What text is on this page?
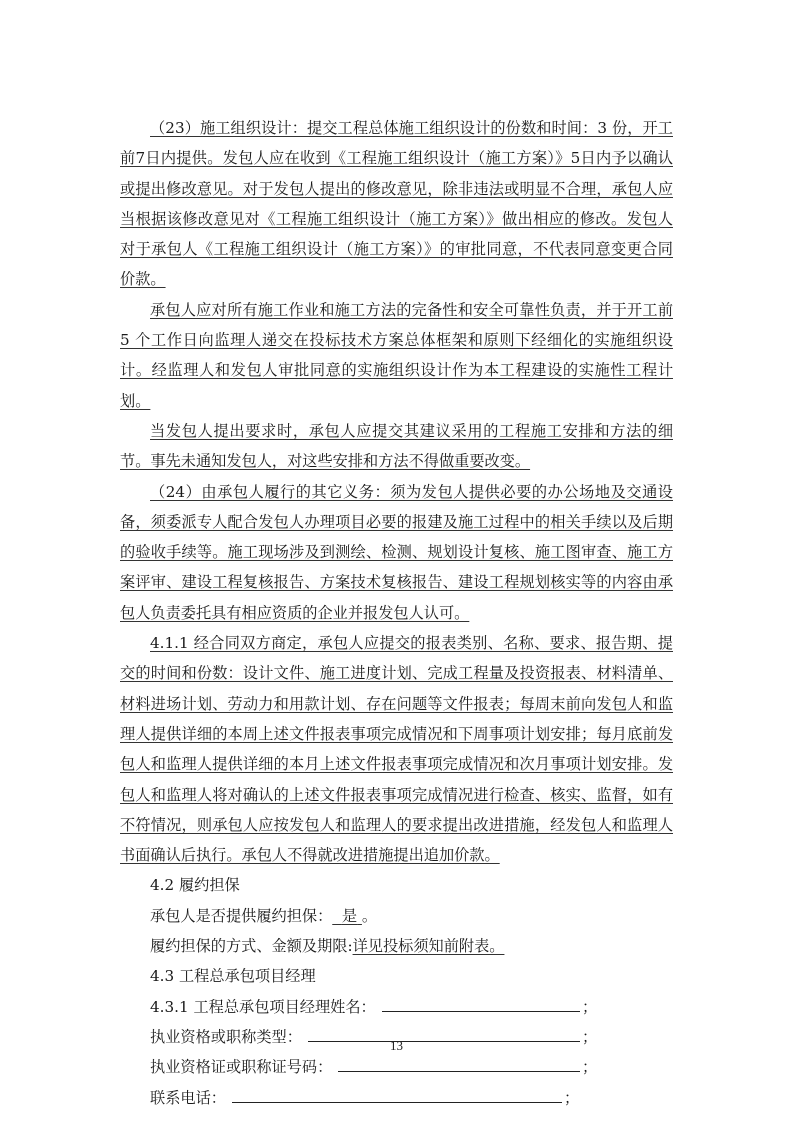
（23）施工组织设计：提交工程总体施工组织设计的份数和时间：3 份，开工前7日内提供。发包人应在收到《工程施工组织设计（施工方案）》5日内予以确认或提出修改意见。对于发包人提出的修改意见，除非违法或明显不合理，承包人应当根据该修改意见对《工程施工组织设计（施工方案）》做出相应的修改。发包人对于承包人《工程施工组织设计（施工方案）》的审批同意，不代表同意变更合同价款。

承包人应对所有施工作业和施工方法的完备性和安全可靠性负责，并于开工前 5 个工作日向监理人递交在投标技术方案总体框架和原则下经细化的实施组织设计。经监理人和发包人审批同意的实施组织设计作为本工程建设的实施性工程计划。

当发包人提出要求时，承包人应提交其建议采用的工程施工安排和方法的细节。事先未通知发包人，对这些安排和方法不得做重要改变。

（24）由承包人履行的其它义务：须为发包人提供必要的办公场地及交通设备，须委派专人配合发包人办理项目必要的报建及施工过程中的相关手续以及后期的验收手续等。施工现场涉及到测绘、检测、规划设计复核、施工图审查、施工方案评审、建设工程复核报告、方案技术复核报告、建设工程规划核实等的内容由承包人负责委托具有相应资质的企业并报发包人认可。

4.1.1 经合同双方商定，承包人应提交的报表类别、名称、要求、报告期、提交的时间和份数：设计文件、施工进度计划、完成工程量及投资报表、材料清单、材料进场计划、劳动力和用款计划、存在问题等文件报表；每周末前向发包人和监理人提供详细的本周上述文件报表事项完成情况和下周事项计划安排；每月底前发包人和监理人提供详细的本月上述文件报表事项完成情况和次月事项计划安排。发包人和监理人将对确认的上述文件报表事项完成情况进行检查、核实、监督，如有不符情况，则承包人应按发包人和监理人的要求提出改进措施，经发包人和监理人书面确认后执行。承包人不得就改进措施提出追加价款。

4.2 履约担保

承包人是否提供履约担保： 是 。

履约担保的方式、金额及期限:详见投标须知前附表。

4.3 工程总承包项目经理

4.3.1 工程总承包项目经理姓名：	；
执业资格或职称类型：	；
执业资格证或职称证号码：	；
联系电话：	；
13
